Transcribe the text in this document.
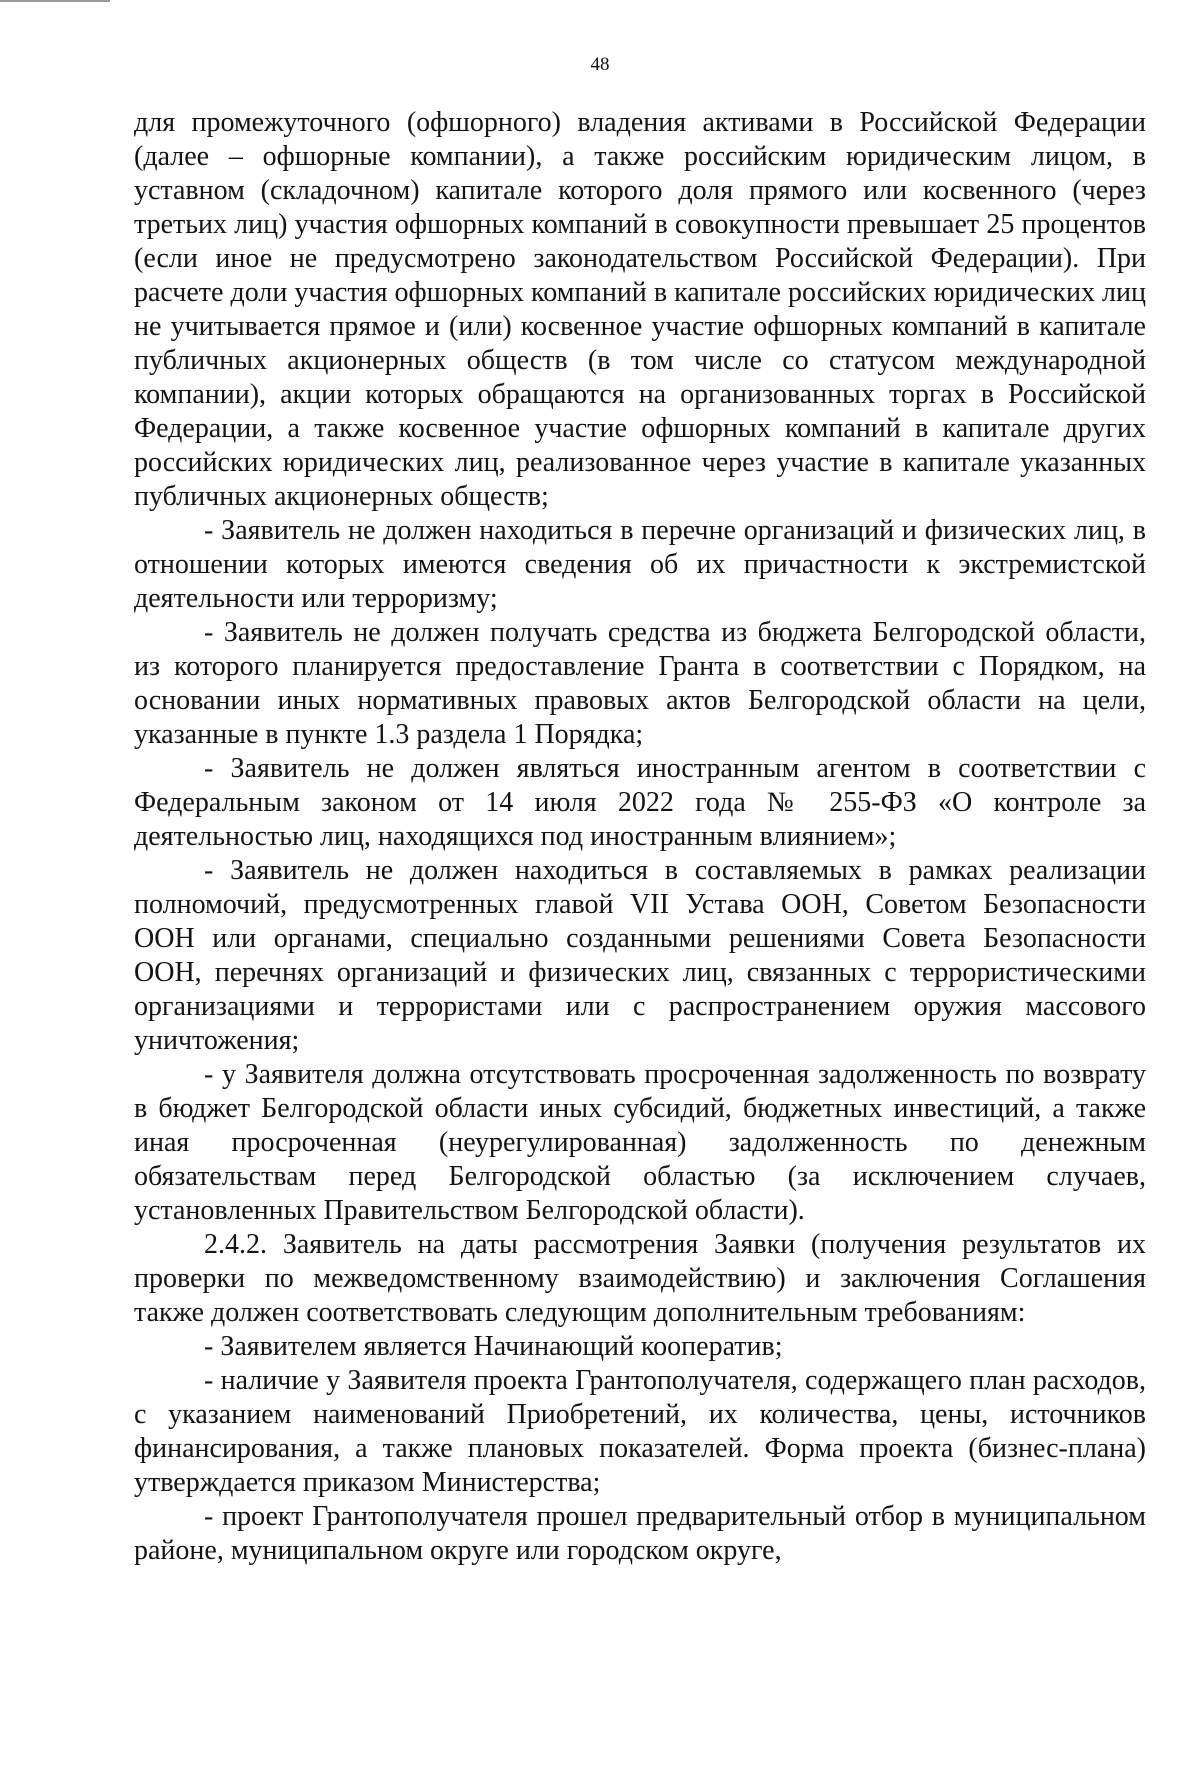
48

для промежуточного (офшорного) владения активами в Российской Федерации (далее – офшорные компании), а также российским юридическим лицом, в уставном (складочном) капитале которого доля прямого или косвенного (через третьих лиц) участия офшорных компаний в совокупности превышает 25 процентов (если иное не предусмотрено законодательством Российской Федерации). При расчете доли участия офшорных компаний в капитале российских юридических лиц не учитывается прямое и (или) косвенное участие офшорных компаний в капитале публичных акционерных обществ (в том числе со статусом международной компании), акции которых обращаются на организованных торгах в Российской Федерации, а также косвенное участие офшорных компаний в капитале других российских юридических лиц, реализованное через участие в капитале указанных публичных акционерных обществ;

- Заявитель не должен находиться в перечне организаций и физических лиц, в отношении которых имеются сведения об их причастности к экстремистской деятельности или терроризму;

- Заявитель не должен получать средства из бюджета Белгородской области, из которого планируется предоставление Гранта в соответствии с Порядком, на основании иных нормативных правовых актов Белгородской области на цели, указанные в пункте 1.3 раздела 1 Порядка;

- Заявитель не должен являться иностранным агентом в соответствии с Федеральным законом от 14 июля 2022 года № 255-ФЗ «О контроле за деятельностью лиц, находящихся под иностранным влиянием»;

- Заявитель не должен находиться в составляемых в рамках реализации полномочий, предусмотренных главой VII Устава ООН, Советом Безопасности ООН или органами, специально созданными решениями Совета Безопасности ООН, перечнях организаций и физических лиц, связанных с террористическими организациями и террористами или с распространением оружия массового уничтожения;

- у Заявителя должна отсутствовать просроченная задолженность по возврату в бюджет Белгородской области иных субсидий, бюджетных инвестиций, а также иная просроченная (неурегулированная) задолженность по денежным обязательствам перед Белгородской областью (за исключением случаев, установленных Правительством Белгородской области).

2.4.2. Заявитель на даты рассмотрения Заявки (получения результатов их проверки по межведомственному взаимодействию) и заключения Соглашения также должен соответствовать следующим дополнительным требованиям:

- Заявителем является Начинающий кооператив;

- наличие у Заявителя проекта Грантополучателя, содержащего план расходов, с указанием наименований Приобретений, их количества, цены, источников финансирования, а также плановых показателей. Форма проекта (бизнес-плана) утверждается приказом Министерства;

- проект Грантополучателя прошел предварительный отбор в муниципальном районе, муниципальном округе или городском округе,
